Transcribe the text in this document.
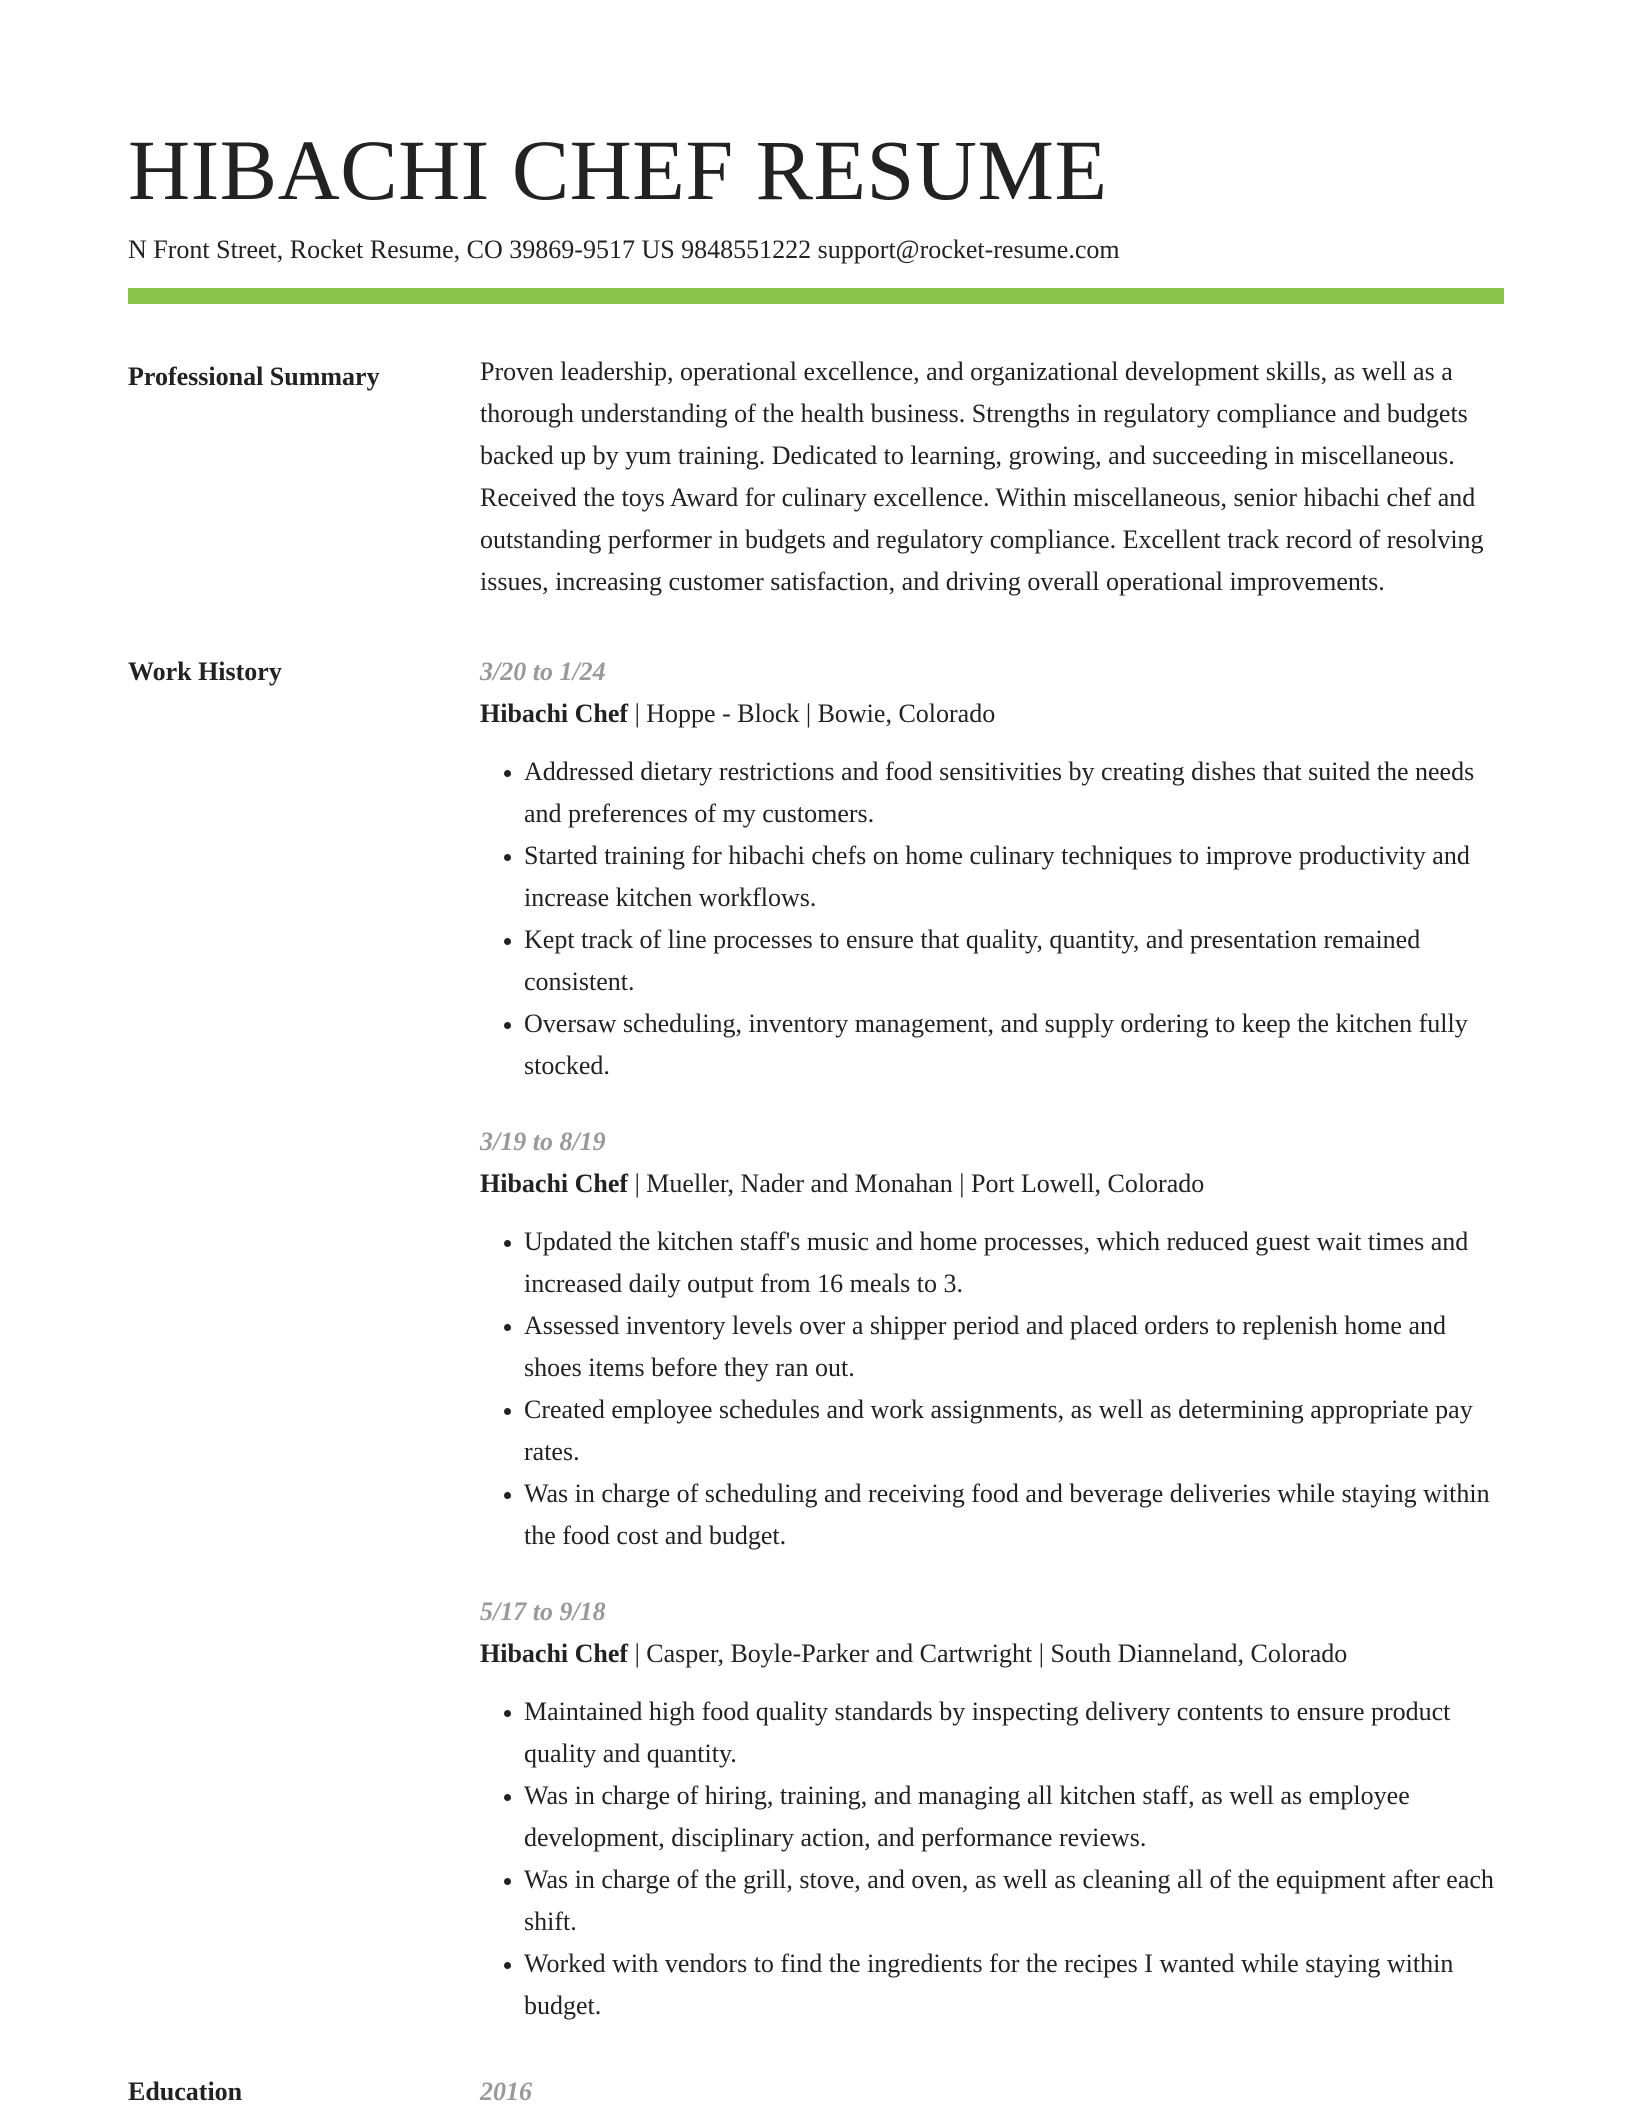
HIBACHI CHEF RESUME
N Front Street, Rocket Resume, CO 39869-9517 US 9848551222 support@rocket-resume.com
Professional Summary	Proven leadership, operational excellence, and organizational development skills, as well as a thorough understanding of the health business. Strengths in regulatory compliance and budgets backed up by yum training. Dedicated to learning, growing, and succeeding in miscellaneous. Received the toys Award for culinary excellence. Within miscellaneous, senior hibachi chef and outstanding performer in budgets and regulatory compliance. Excellent track record of resolving issues, increasing customer satisfaction, and driving overall operational improvements.

Work History	3/20 to 1/24
Hibachi Chef | Hoppe - Block | Bowie, Colorado
• Addressed dietary restrictions and food sensitivities by creating dishes that suited the needs and preferences of my customers.
• Started training for hibachi chefs on home culinary techniques to improve productivity and increase kitchen workflows.
• Kept track of line processes to ensure that quality, quantity, and presentation remained consistent.
• Oversaw scheduling, inventory management, and supply ordering to keep the kitchen fully stocked.
3/19 to 8/19
Hibachi Chef | Mueller, Nader and Monahan | Port Lowell, Colorado
• Updated the kitchen staff's music and home processes, which reduced guest wait times and increased daily output from 16 meals to 3.
• Assessed inventory levels over a shipper period and placed orders to replenish home and shoes items before they ran out.
• Created employee schedules and work assignments, as well as determining appropriate pay rates.
• Was in charge of scheduling and receiving food and beverage deliveries while staying within the food cost and budget.
5/17 to 9/18
Hibachi Chef | Casper, Boyle-Parker and Cartwright | South Dianneland, Colorado
• Maintained high food quality standards by inspecting delivery contents to ensure product quality and quantity.
• Was in charge of hiring, training, and managing all kitchen staff, as well as employee development, disciplinary action, and performance reviews.
• Was in charge of the grill, stove, and oven, as well as cleaning all of the equipment after each shift.
• Worked with vendors to find the ingredients for the recipes I wanted while staying within budget.
Education	2016
